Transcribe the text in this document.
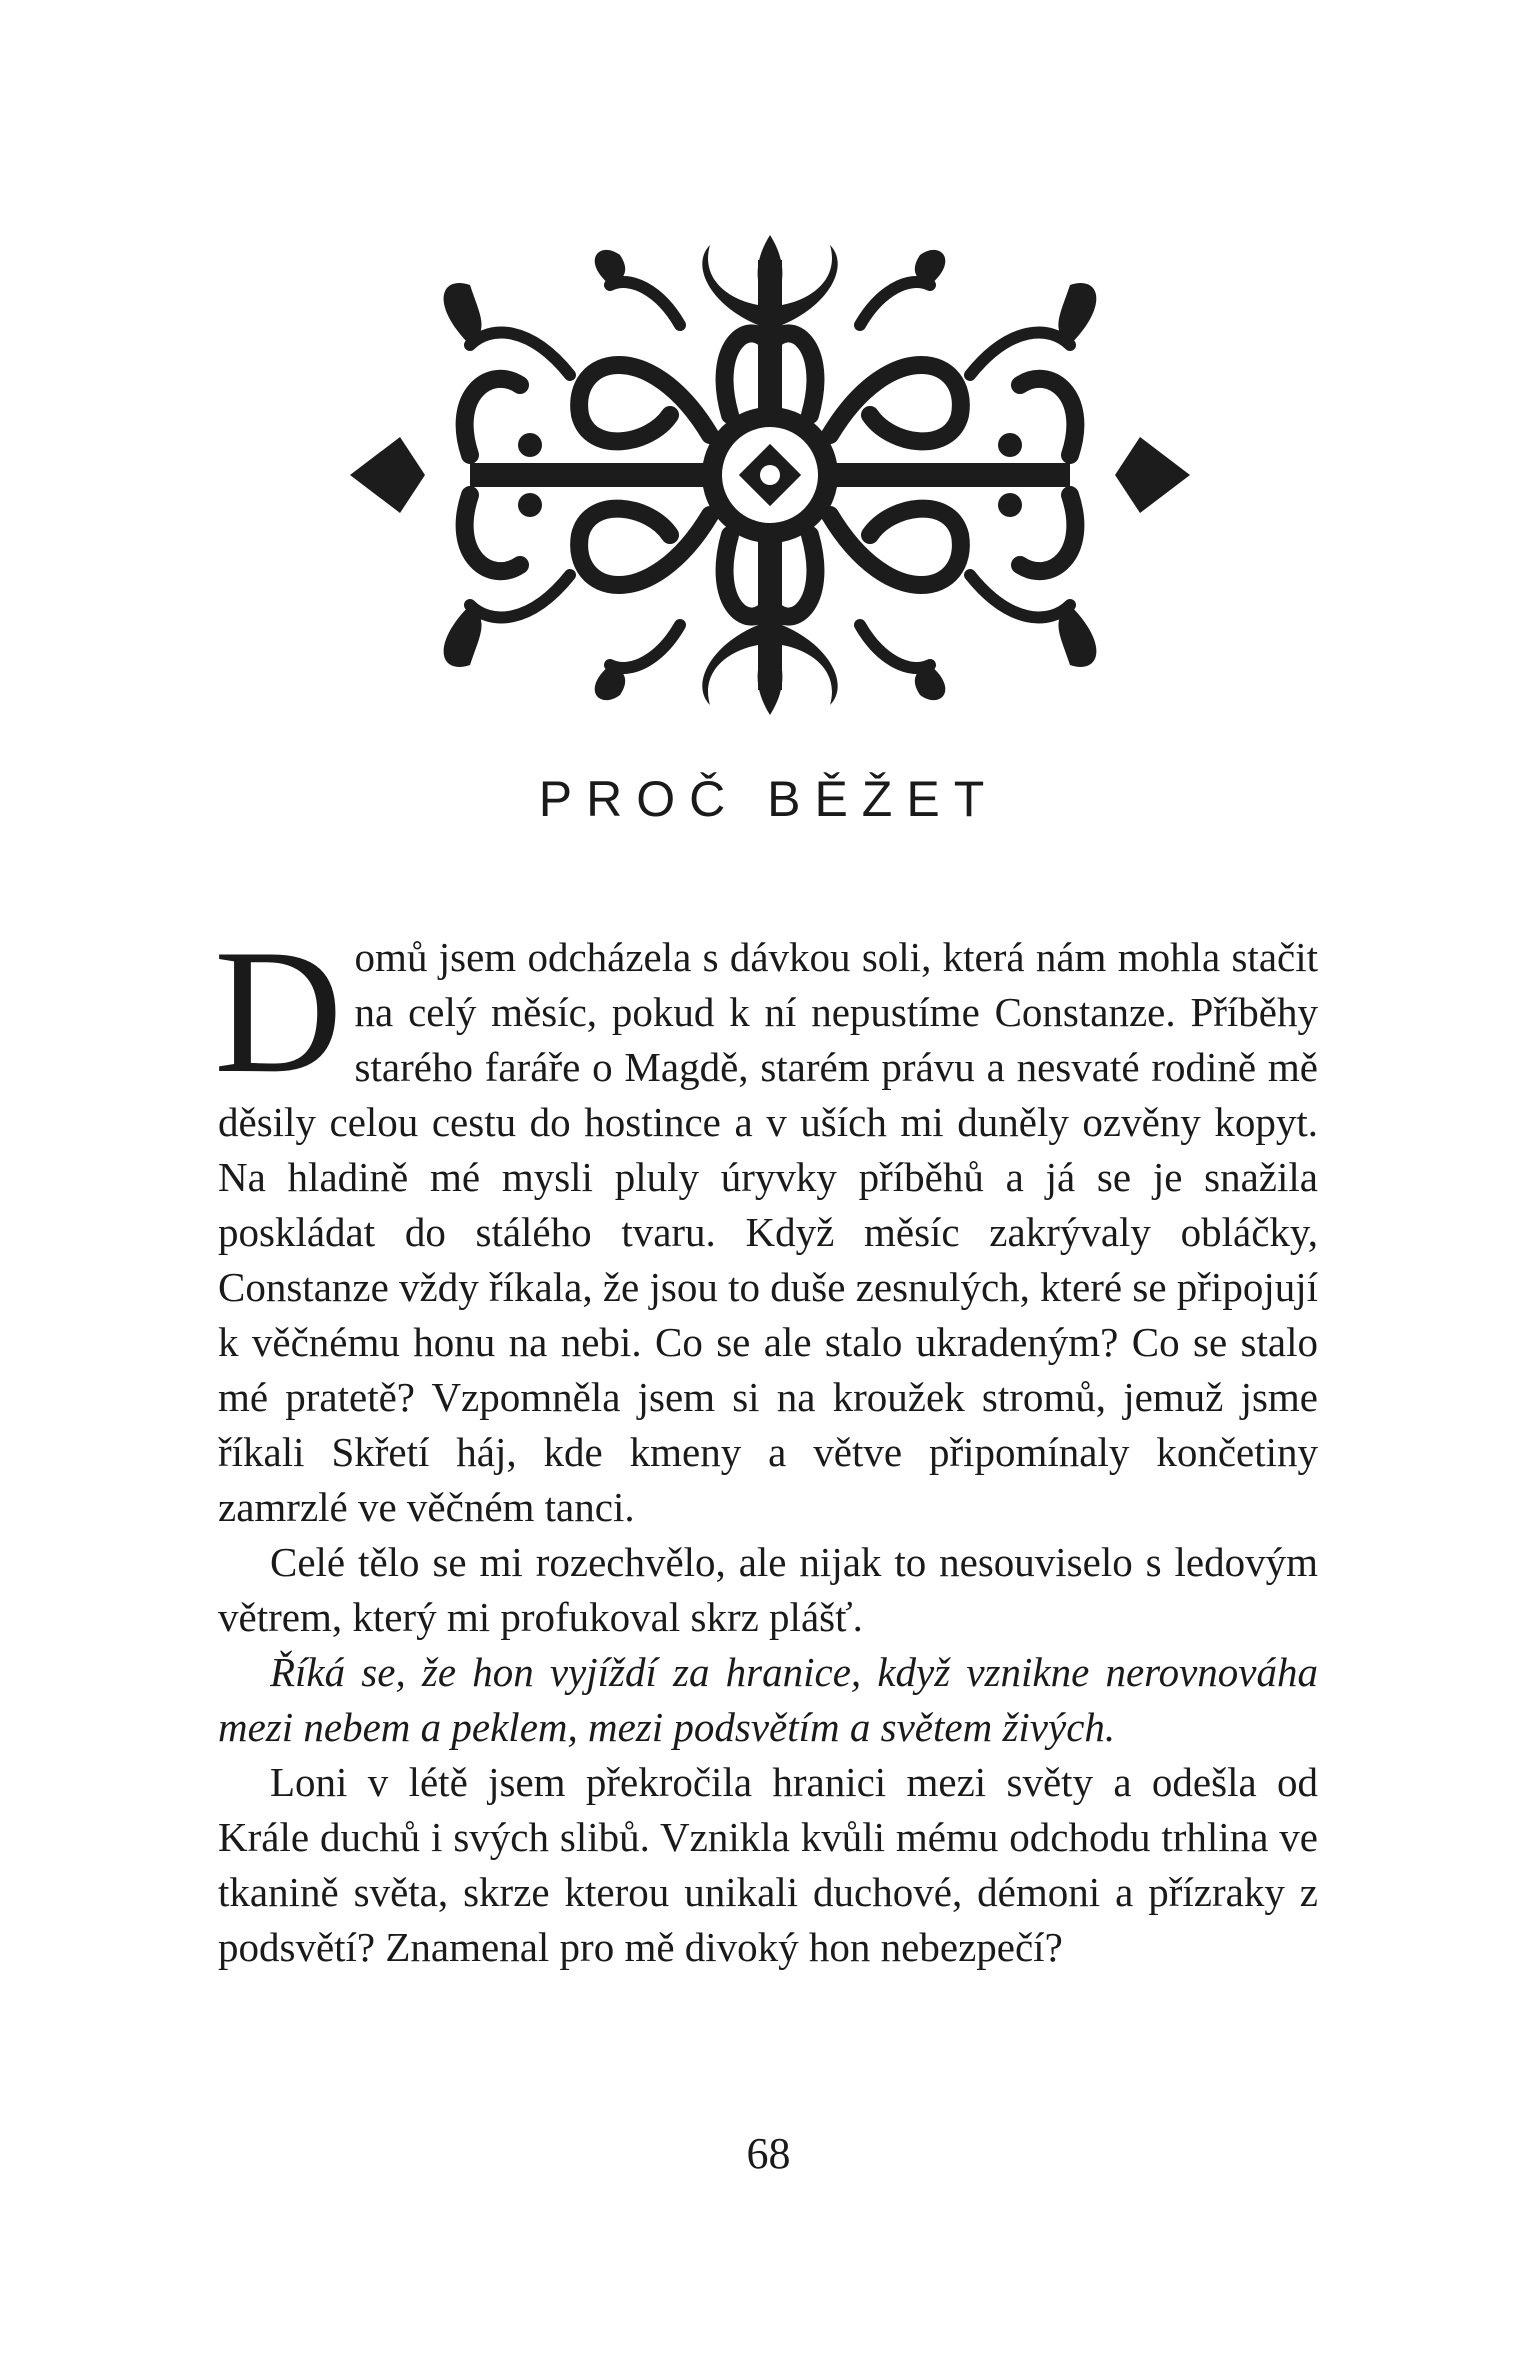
PROČ BĚŽET

Domů jsem odcházela s dávkou soli, která nám mohla stačit na celý měsíc, pokud k ní nepustíme Constanze. Příběhy starého faráře o Magdě, starém právu a nesvaté rodině mě děsily celou cestu do hostince a v uších mi duněly ozvěny kopyt. Na hladině mé mysli pluly úryvky příběhů a já se je snažila poskládat do stálého tvaru. Když měsíc zakrývaly obláčky, Constanze vždy říkala, že jsou to duše zesnulých, které se připojují k věčnému honu na nebi. Co se ale stalo ukradeným? Co se stalo mé pratetě? Vzpomněla jsem si na kroužek stromů, jemuž jsme říkali Skřetí háj, kde kmeny a větve připomínaly končetiny zamrzlé ve věčném tanci.

Celé tělo se mi rozechvělo, ale nijak to nesouviselo s ledovým větrem, který mi profukoval skrz plášť.

Říká se, že hon vyjíždí za hranice, když vznikne nerovnováha mezi nebem a peklem, mezi podsvětím a světem živých.

Loni v létě jsem překročila hranici mezi světy a odešla od Krále duchů i svých slibů. Vznikla kvůli mému odchodu trhlina ve tkanině světa, skrze kterou unikali duchové, démoni a přízraky z podsvětí? Znamenal pro mě divoký hon nebezpečí?

68
